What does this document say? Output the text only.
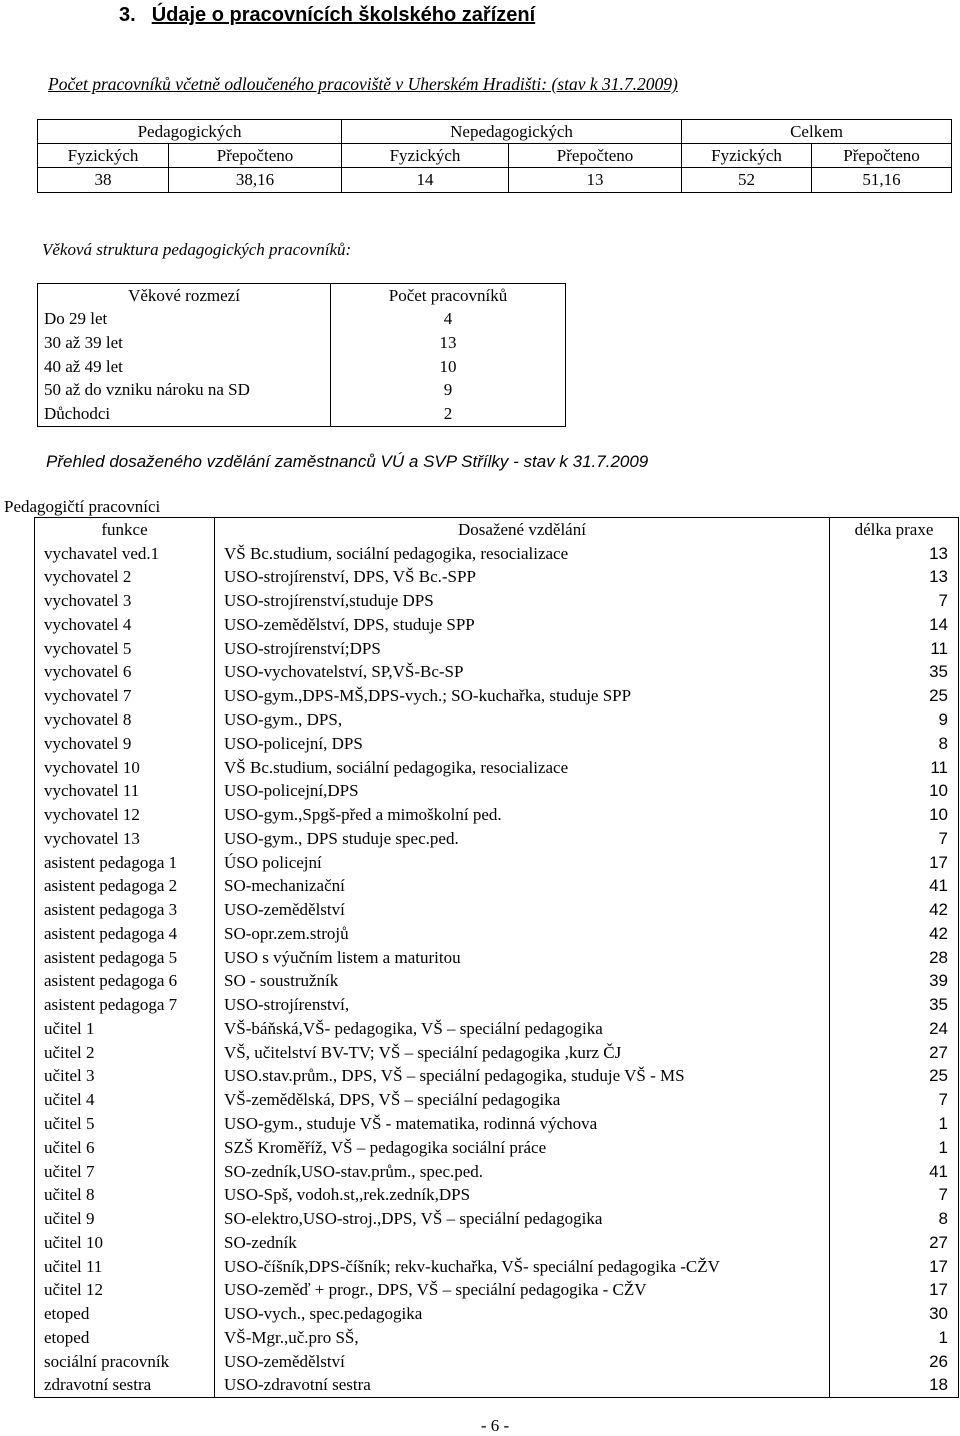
3. Údaje o pracovnících školského zařízení
Počet pracovníků včetně odloučeného pracoviště v Uherském Hradišti: (stav k 31.7.2009)
Pedagogických		Nepedagogických		Celkem	
Fyzických	Přepočteno	Fyzických	Přepočteno	Fyzických	Přepočteno
38	38,16	14	13	52	51,16
Věková struktura pedagogických pracovníků:
Věkové rozmezí	Počet pracovníků
Do 29 let	4
30 až 39 let	13
40 až 49 let	10
50 až do vzniku nároku na SD	9
Důchodci	2
Přehled dosaženého vzdělání zaměstnanců VÚ a SVP Střílky - stav k 31.7.2009
Pedagogičtí pracovníci
funkce	Dosažené vzdělání	délka praxe
vychavatel ved.1	VŠ Bc.studium, sociální pedagogika, resocializace	13
vychovatel 2	USO-strojírenství, DPS, VŠ Bc.-SPP	13
vychovatel 3	USO-strojírenství,studuje DPS	7
vychovatel 4	USO-zemědělství, DPS, studuje SPP	14
vychovatel 5	USO-strojírenství;DPS	11
vychovatel 6	USO-vychovatelství, SP,VŠ-Bc-SP	35
vychovatel 7	USO-gym.,DPS-MŠ,DPS-vych.; SO-kuchařka, studuje SPP	25
vychovatel 8	USO-gym., DPS,	9
vychovatel 9	USO-policejní, DPS	8
vychovatel 10	VŠ Bc.studium, sociální pedagogika, resocializace	11
vychovatel 11	USO-policejní,DPS	10
vychovatel 12	USO-gym.,Spgš-před a mimoškolní ped.	10
vychovatel 13	USO-gym., DPS studuje spec.ped.	7
asistent pedagoga 1	ÚSO policejní	17
asistent pedagoga 2	SO-mechanizační	41
asistent pedagoga 3	USO-zemědělství	42
asistent pedagoga 4	SO-opr.zem.strojů	42
asistent pedagoga 5	USO s výučním listem a maturitou	28
asistent pedagoga 6	SO - soustružník	39
asistent pedagoga 7	USO-strojírenství,	35
učitel 1	VŠ-báňská,VŠ- pedagogika, VŠ – speciální pedagogika	24
učitel 2	VŠ, učitelství BV-TV; VŠ – speciální pedagogika ,kurz ČJ	27
učitel 3	USO.stav.prům., DPS, VŠ – speciální pedagogika, studuje VŠ - MS	25
učitel 4	VŠ-zemědělská, DPS, VŠ – speciální pedagogika	7
učitel 5	USO-gym., studuje VŠ - matematika, rodinná výchova	1
učitel 6	SZŠ Kroměříž, VŠ – pedagogika sociální práce	1
učitel 7	SO-zedník,USO-stav.prům., spec.ped.	41
učitel 8	USO-Spš, vodoh.st,,rek.zedník,DPS	7
učitel 9	SO-elektro,USO-stroj.,DPS, VŠ – speciální pedagogika	8
učitel 10	SO-zedník	27
učitel 11	USO-číšník,DPS-číšník; rekv-kuchařka, VŠ- speciální pedagogika -CŽV	17
učitel 12	USO-zeměď + progr., DPS, VŠ – speciální pedagogika - CŽV	17
etoped	USO-vych., spec.pedagogika	30
etoped	VŠ-Mgr.,uč.pro SŠ,	1
sociální pracovník	USO-zemědělství	26
zdravotní sestra	USO-zdravotní sestra	18
- 6 -
